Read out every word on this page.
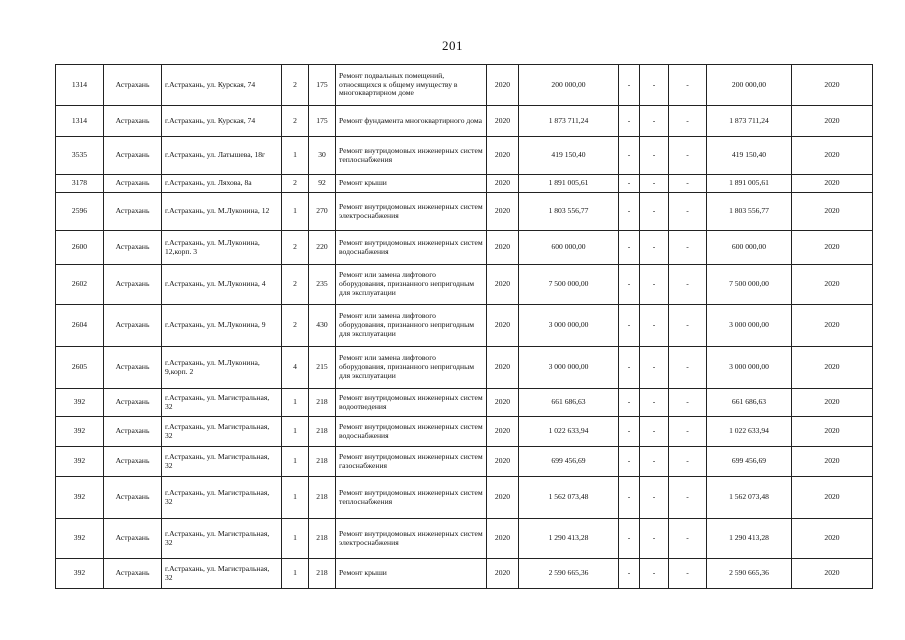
201
1314	Астрахань	г.Астрахань, ул. Курская, 74	2	175	Ремонт подвальных помещений, относящихся к общему имуществу в многоквартирном доме	2020	200 000,00	-	-	-	200 000,00	2020
1314	Астрахань	г.Астрахань, ул. Курская, 74	2	175	Ремонт фундамента многоквартирного дома	2020	1 873 711,24	-	-	-	1 873 711,24	2020
3535	Астрахань	г.Астрахань, ул. Латышева, 18г	1	30	Ремонт внутридомовых инженерных систем теплоснабжения	2020	419 150,40	-	-	-	419 150,40	2020
3178	Астрахань	г.Астрахань, ул. Ляхова, 8а	2	92	Ремонт крыши	2020	1 891 005,61	-	-	-	1 891 005,61	2020
2596	Астрахань	г.Астрахань, ул. М.Луконина, 12	1	270	Ремонт внутридомовых инженерных систем электроснабжения	2020	1 803 556,77	-	-	-	1 803 556,77	2020
2600	Астрахань	г.Астрахань, ул. М.Луконина, 12,корп. 3	2	220	Ремонт внутридомовых инженерных систем водоснабжения	2020	600 000,00	-	-	-	600 000,00	2020
2602	Астрахань	г.Астрахань, ул. М.Луконина, 4	2	235	Ремонт или замена лифтового оборудования, признанного непригодным для эксплуатации	2020	7 500 000,00	-	-	-	7 500 000,00	2020
2604	Астрахань	г.Астрахань, ул. М.Луконина, 9	2	430	Ремонт или замена лифтового оборудования, признанного непригодным для эксплуатации	2020	3 000 000,00	-	-	-	3 000 000,00	2020
2605	Астрахань	г.Астрахань, ул. М.Луконина, 9,корп. 2	4	215	Ремонт или замена лифтового оборудования, признанного непригодным для эксплуатации	2020	3 000 000,00	-	-	-	3 000 000,00	2020
392	Астрахань	г.Астрахань, ул. Магистральная, 32	1	218	Ремонт внутридомовых инженерных систем водоотведения	2020	661 686,63	-	-	-	661 686,63	2020
392	Астрахань	г.Астрахань, ул. Магистральная, 32	1	218	Ремонт внутридомовых инженерных систем водоснабжения	2020	1 022 633,94	-	-	-	1 022 633,94	2020
392	Астрахань	г.Астрахань, ул. Магистральная, 32	1	218	Ремонт внутридомовых инженерных систем газоснабжения	2020	699 456,69	-	-	-	699 456,69	2020
392	Астрахань	г.Астрахань, ул. Магистральная, 32	1	218	Ремонт внутридомовых инженерных систем теплоснабжения	2020	1 562 073,48	-	-	-	1 562 073,48	2020
392	Астрахань	г.Астрахань, ул. Магистральная, 32	1	218	Ремонт внутридомовых инженерных систем электроснабжения	2020	1 290 413,28	-	-	-	1 290 413,28	2020
392	Астрахань	г.Астрахань, ул. Магистральная, 32	1	218	Ремонт крыши	2020	2 590 665,36	-	-	-	2 590 665,36	2020
